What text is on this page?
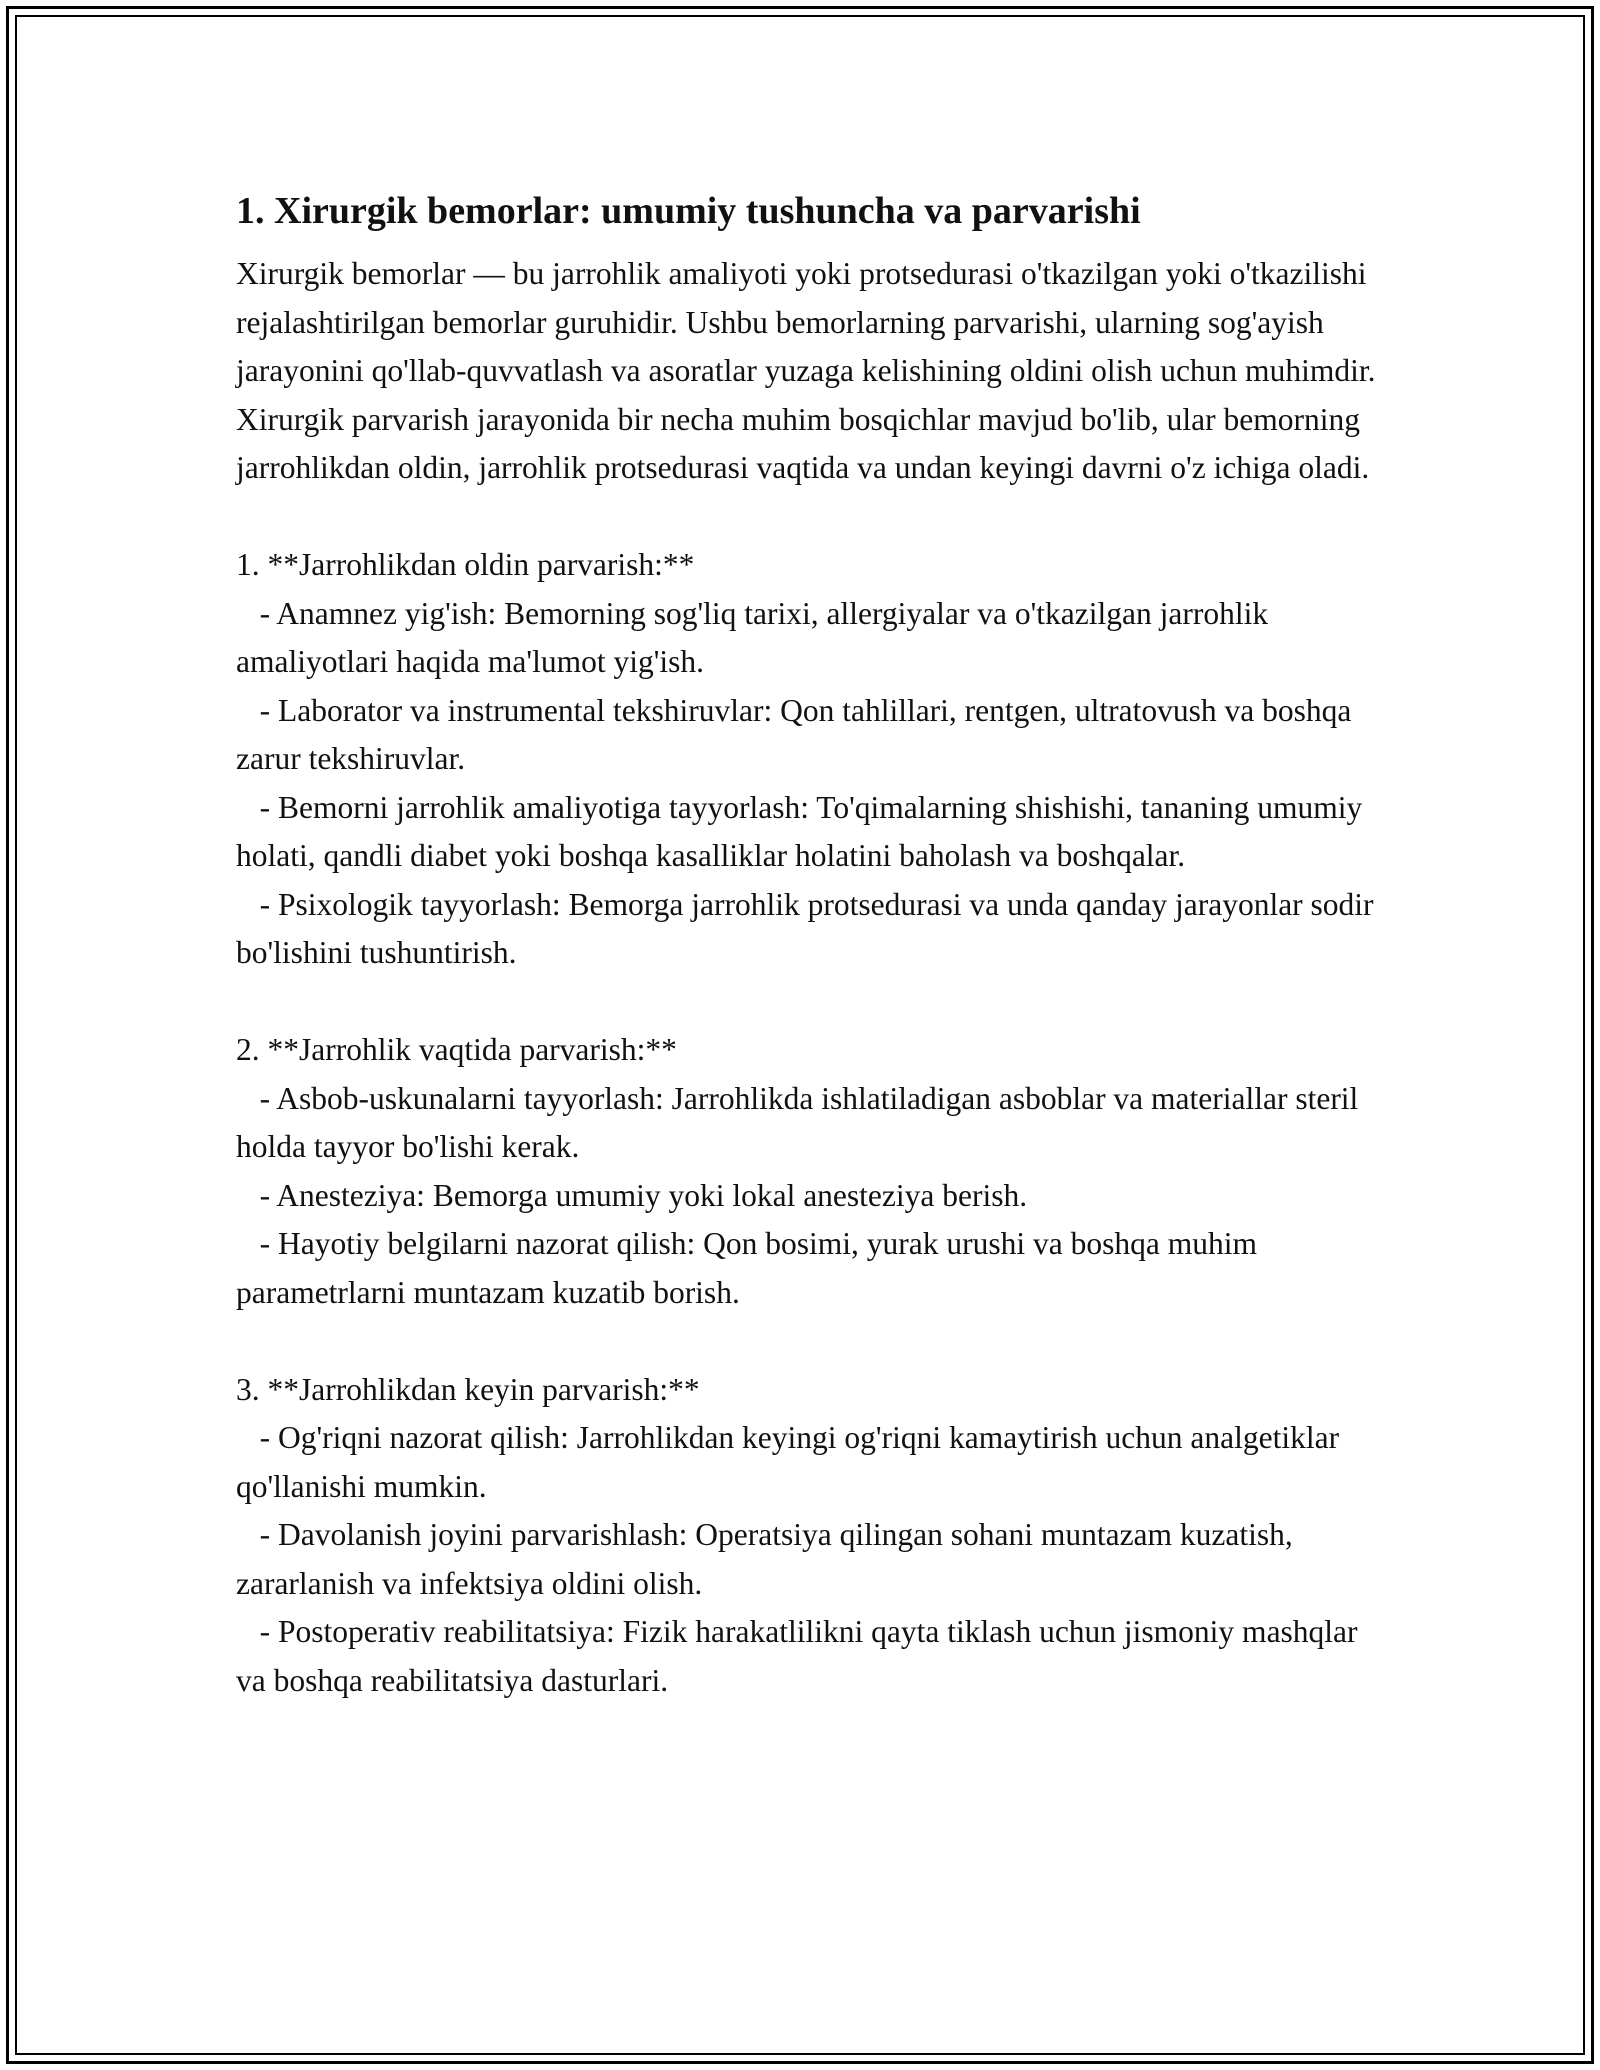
1. Xirurgik bemorlar: umumiy tushuncha va parvarishi

Xirurgik bemorlar — bu jarrohlik amaliyoti yoki protsedurasi o'tkazilgan yoki o'tkazilishi rejalashtirilgan bemorlar guruhidir. Ushbu bemorlarning parvarishi, ularning sog'ayish jarayonini qo'llab-quvvatlash va asoratlar yuzaga kelishining oldini olish uchun muhimdir. Xirurgik parvarish jarayonida bir necha muhim bosqichlar mavjud bo'lib, ular bemorning jarrohlikdan oldin, jarrohlik protsedurasi vaqtida va undan keyingi davrni o'z ichiga oladi.

1. **Jarrohlikdan oldin parvarish:**

- Anamnez yig'ish: Bemorning sog'liq tarixi, allergiyalar va o'tkazilgan jarrohlik amaliyotlari haqida ma'lumot yig'ish.

- Laborator va instrumental tekshiruvlar: Qon tahlillari, rentgen, ultratovush va boshqa zarur tekshiruvlar.

- Bemorni jarrohlik amaliyotiga tayyorlash: To'qimalarning shishishi, tananing umumiy holati, qandli diabet yoki boshqa kasalliklar holatini baholash va boshqalar.

- Psixologik tayyorlash: Bemorga jarrohlik protsedurasi va unda qanday jarayonlar sodir bo'lishini tushuntirish.

2. **Jarrohlik vaqtida parvarish:**

- Asbob-uskunalarni tayyorlash: Jarrohlikda ishlatiladigan asboblar va materiallar steril holda tayyor bo'lishi kerak.

- Anesteziya: Bemorga umumiy yoki lokal anesteziya berish.

- Hayotiy belgilarni nazorat qilish: Qon bosimi, yurak urushi va boshqa muhim parametrlarni muntazam kuzatib borish.

3. **Jarrohlikdan keyin parvarish:**

- Og'riqni nazorat qilish: Jarrohlikdan keyingi og'riqni kamaytirish uchun analgetiklar qo'llanishi mumkin.

- Davolanish joyini parvarishlash: Operatsiya qilingan sohani muntazam kuzatish, zararlanish va infektsiya oldini olish.

- Postoperativ reabilitatsiya: Fizik harakatlilikni qayta tiklash uchun jismoniy mashqlar va boshqa reabilitatsiya dasturlari.
